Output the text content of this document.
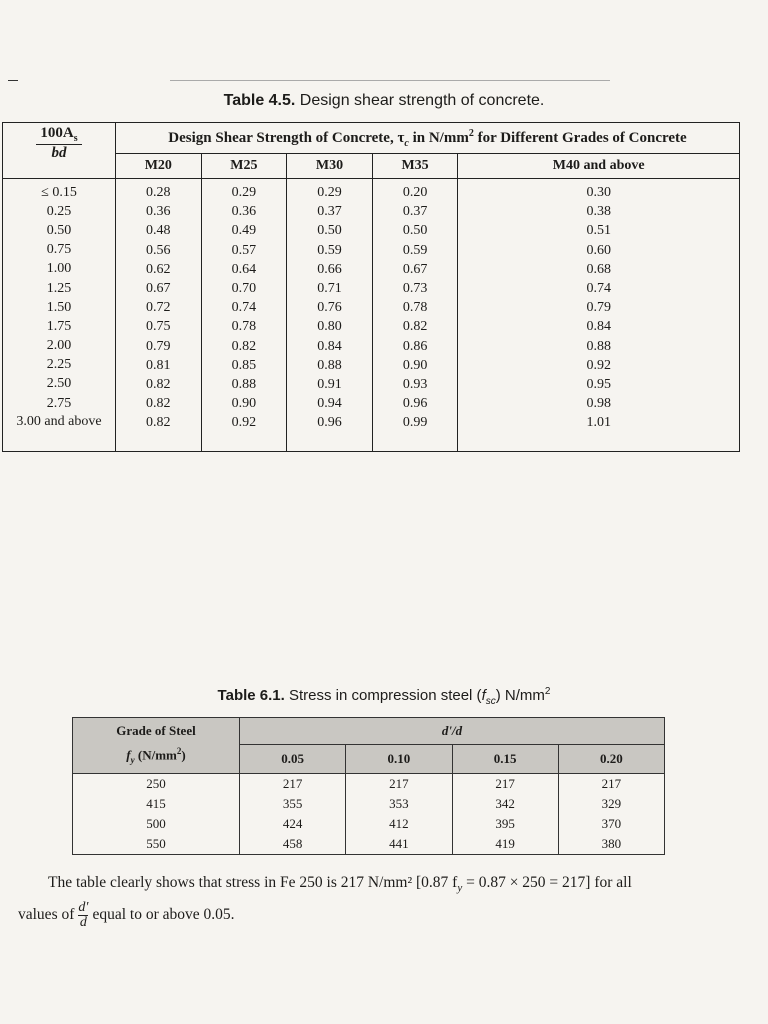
Table 4.5. Design shear strength of concrete.
$\frac{100A_s}{bd}$	Design Shear Strength of Concrete, $\tau_c$ in $N/mm^2$ for Different Grades of Concrete				
	M20	M25	M30	M35	M40 and above
≤ 0.15	0.28	0.29	0.29	0.20	0.30
0.25	0.36	0.36	0.37	0.37	0.38
0.50	0.48	0.49	0.50	0.50	0.51
0.75	0.56	0.57	0.59	0.59	0.60
1.00	0.62	0.64	0.66	0.67	0.68
1.25	0.67	0.70	0.71	0.73	0.74
1.50	0.72	0.74	0.76	0.78	0.79
1.75	0.75	0.78	0.80	0.82	0.84
2.00	0.79	0.82	0.84	0.86	0.88
2.25	0.81	0.85	0.88	0.90	0.92
2.50	0.82	0.88	0.91	0.93	0.95
2.75	0.82	0.90	0.94	0.96	0.98
3.00 and above	0.82	0.92	0.96	0.99	1.01
Table 6.1. Stress in compression steel $(f_{sc})$ $N/mm^2$
Grade of Steel
$f_y$ $(N/mm^2)$	d'/d			
	0.05	0.10	0.15	0.20
250	217	217	217	217
415	355	353	342	329
500	424	412	395	370
550	458	441	419	380
The table clearly shows that stress in Fe 250 is 217 N/mm² [0.87 $f_y = 0.87 \times 250 = 217$] for all
values of $\frac{d'}{d}$ equal to or above 0.05.
